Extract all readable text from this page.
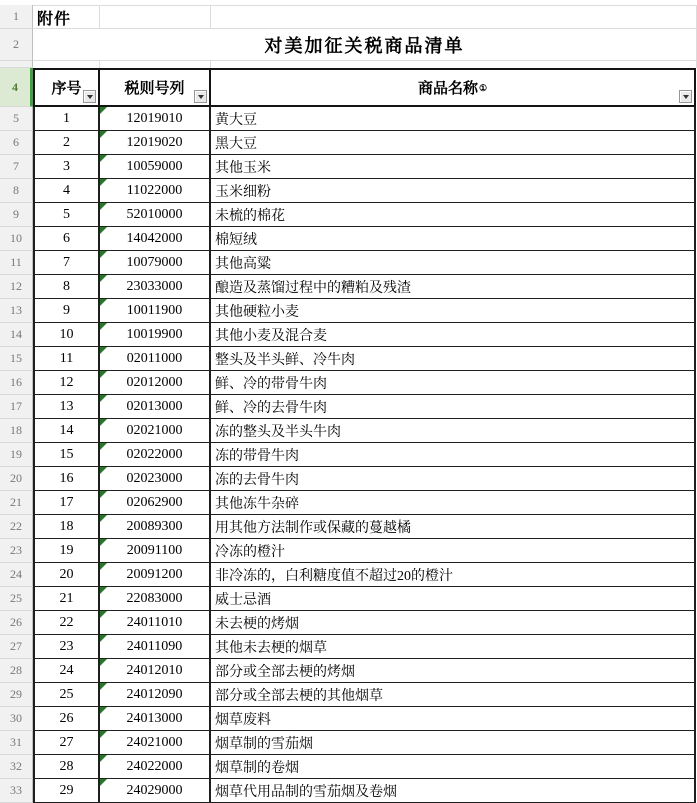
1	附件
2	对美加征关税商品清单
4	序号	税则号列	商品名称 ①
5	1	12019010 黄大豆
6	2	12019020 黑大豆
7	3	10059000 其他玉米
8	4	11022000 玉米细粉
9	5	52010000 未梳的棉花
10	6	14042000 棉短绒
11	7	10079000 其他高粱
12	8	23033000 酿造及蒸馏过程中的糟粕及残渣
13	9	10011900 其他硬粒小麦
14	10	10019900 其他小麦及混合麦
15	11	02011000 整头及半头鲜、冷牛肉
16	12	02012000 鲜、冷的带骨牛肉
17	13	02013000 鲜、冷的去骨牛肉
18	14	02021000 冻的整头及半头牛肉
19	15	02022000 冻的带骨牛肉
20	16	02023000 冻的去骨牛肉
21	17	02062900 其他冻牛杂碎
22	18	20089300 用其他方法制作或保藏的蔓越橘
23	19	20091100 冷冻的橙汁
24	20	20091200 非冷冻的，白利糖度值不超过20的橙汁
25	21	22083000 威士忌酒
26	22	24011010 未去梗的烤烟
27	23	24011090 其他未去梗的烟草
28	24	24012010 部分或全部去梗的烤烟
29	25	24012090 部分或全部去梗的其他烟草
30	26	24013000 烟草废料
31	27	24021000 烟草制的雪茄烟
32	28	24022000 烟草制的卷烟
33	29	24029000 烟草代用品制的雪茄烟及卷烟
